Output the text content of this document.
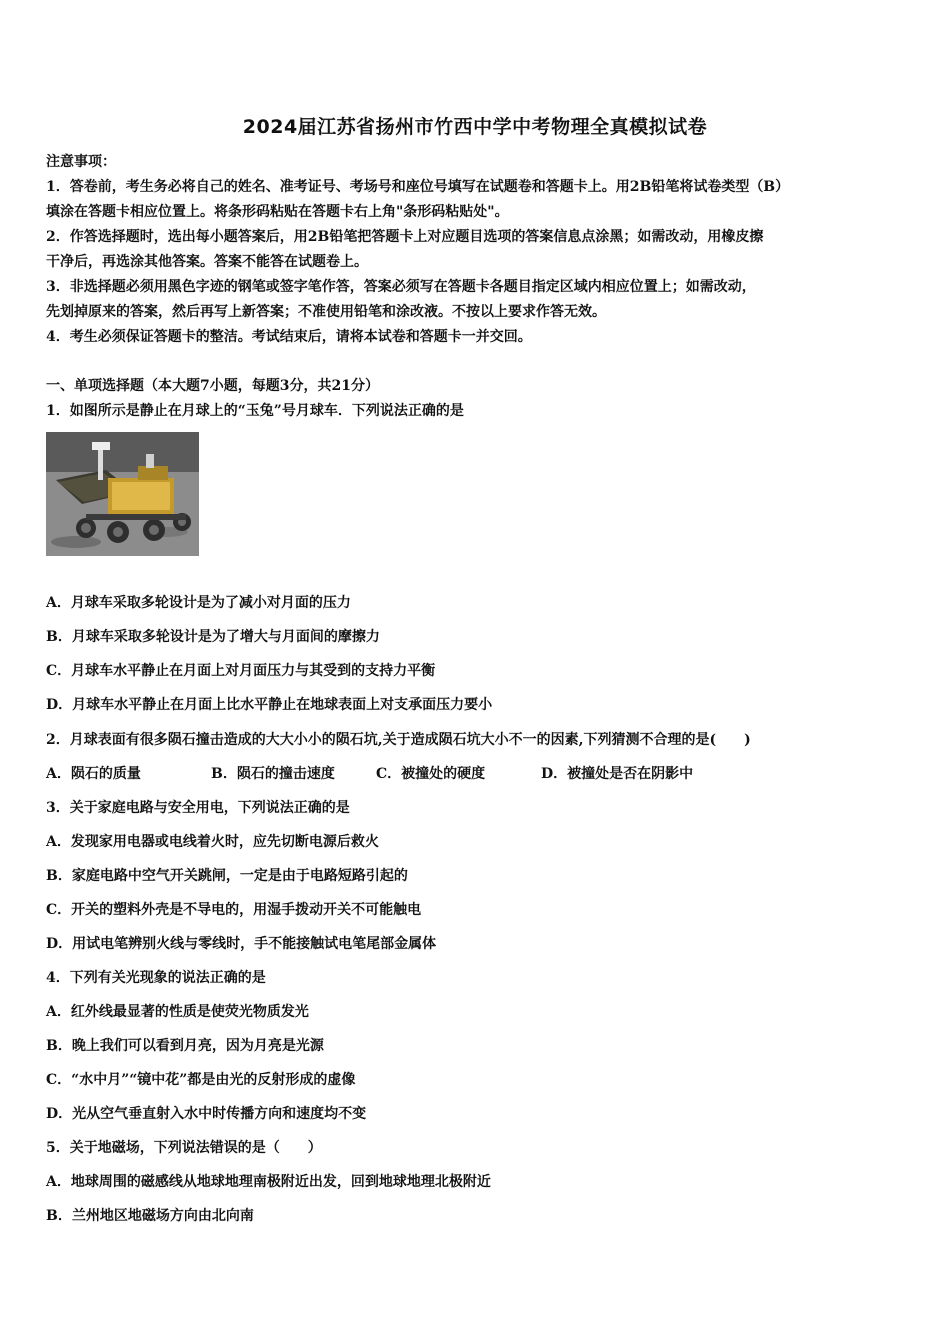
2024届江苏省扬州市竹西中学中考物理全真模拟试卷
注意事项：
1．答卷前，考生务必将自己的姓名、准考证号、考场号和座位号填写在试题卷和答题卡上。用2B铅笔将试卷类型（B）
填涂在答题卡相应位置上。将条形码粘贴在答题卡右上角"条形码粘贴处"。
2．作答选择题时，选出每小题答案后，用2B铅笔把答题卡上对应题目选项的答案信息点涂黑；如需改动，用橡皮擦
干净后，再选涂其他答案。答案不能答在试题卷上。
3．非选择题必须用黑色字迹的钢笔或签字笔作答，答案必须写在答题卡各题目指定区域内相应位置上；如需改动，
先划掉原来的答案，然后再写上新答案；不准使用铅笔和涂改液。不按以上要求作答无效。
4．考生必须保证答题卡的整洁。考试结束后，请将本试卷和答题卡一并交回。
一、单项选择题（本大题7小题，每题3分，共21分）
1．如图所示是静止在月球上的“玉兔”号月球车．下列说法正确的是
A．月球车采取多轮设计是为了减小对月面的压力
B．月球车采取多轮设计是为了增大与月面间的摩擦力
C．月球车水平静止在月面上对月面压力与其受到的支持力平衡
D．月球车水平静止在月面上比水平静止在地球表面上对支承面压力要小
2．月球表面有很多陨石撞击造成的大大小小的陨石坑,关于造成陨石坑大小不一的因素,下列猜测不合理的是(　　)
A．陨石的质量	B．陨石的撞击速度	C．被撞处的硬度	D．被撞处是否在阴影中
3．关于家庭电路与安全用电，下列说法正确的是
A．发现家用电器或电线着火时，应先切断电源后救火
B．家庭电路中空气开关跳闸，一定是由于电路短路引起的
C．开关的塑料外壳是不导电的，用湿手拨动开关不可能触电
D．用试电笔辨别火线与零线时，手不能接触试电笔尾部金属体
4．下列有关光现象的说法正确的是
A．红外线最显著的性质是使荧光物质发光
B．晚上我们可以看到月亮，因为月亮是光源
C．“水中月”“镜中花”都是由光的反射形成的虚像
D．光从空气垂直射入水中时传播方向和速度均不变
5．关于地磁场，下列说法错误的是（　　）
A．地球周围的磁感线从地球地理南极附近出发，回到地球地理北极附近
B．兰州地区地磁场方向由北向南
